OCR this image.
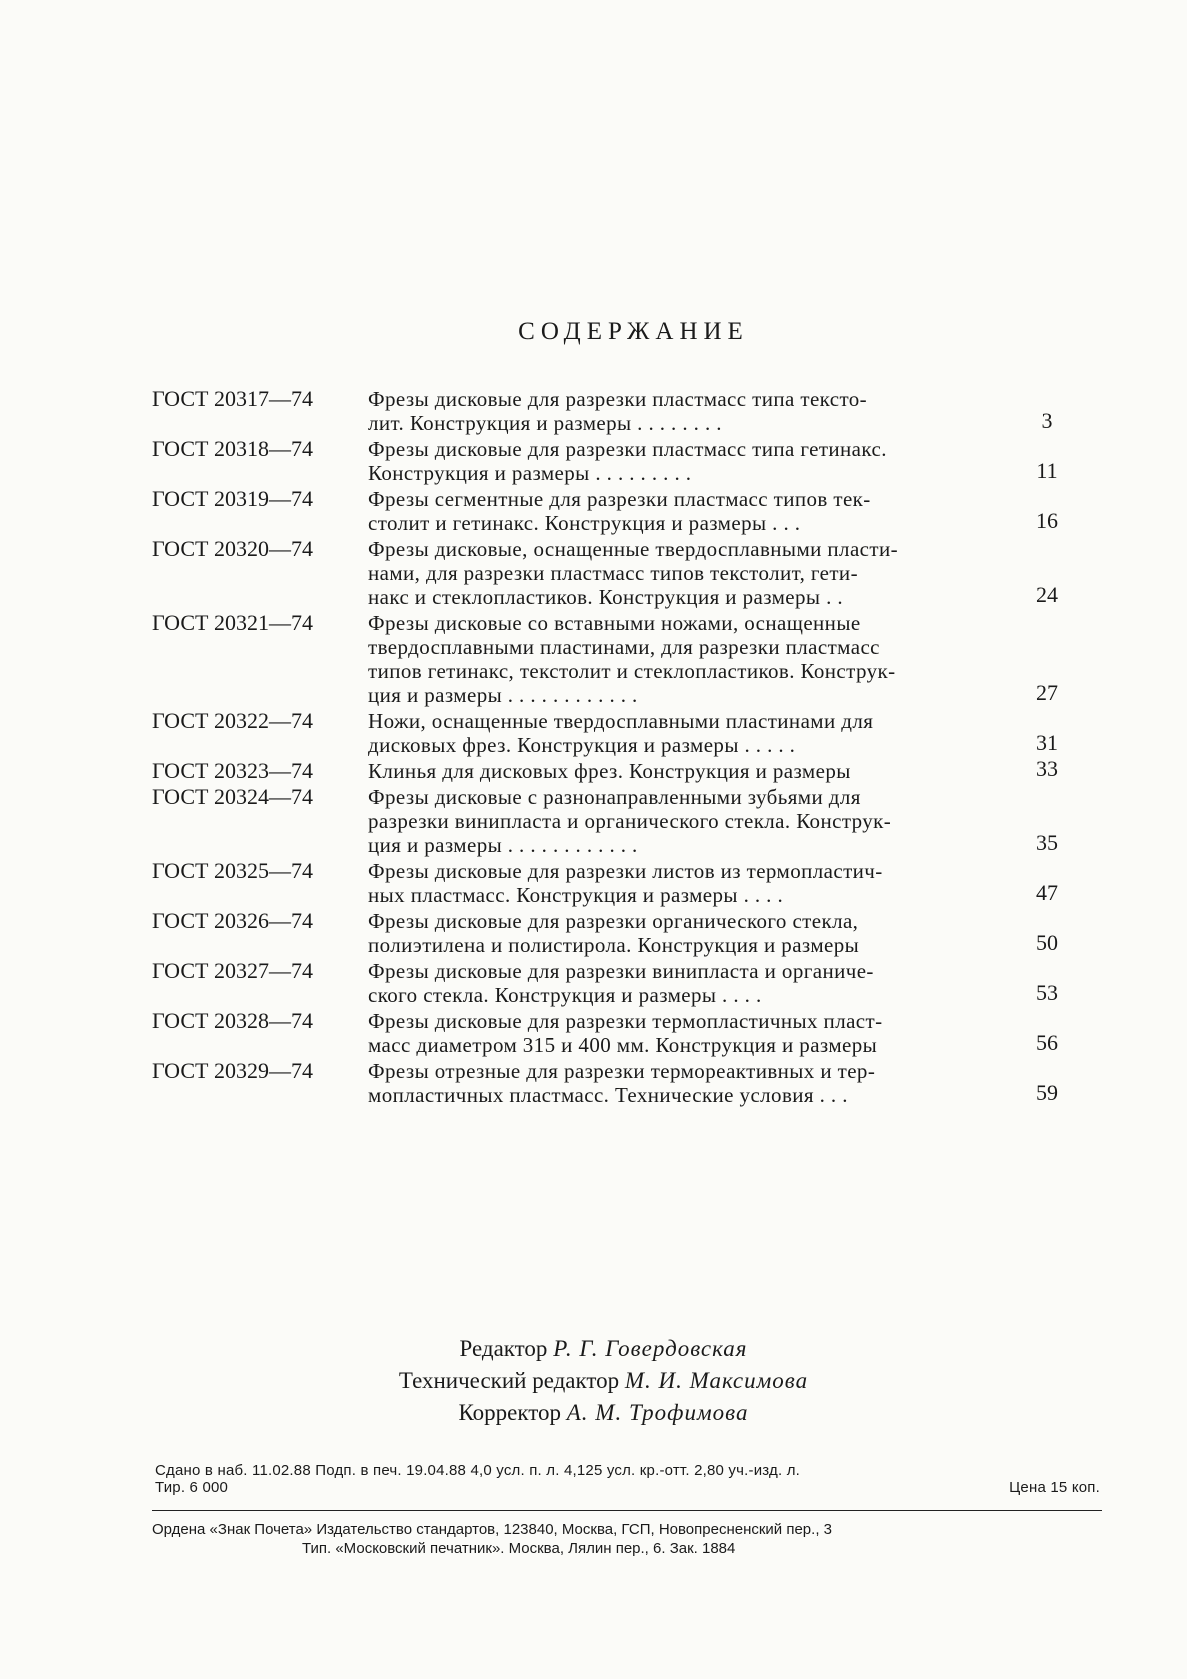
СОДЕРЖАНИЕ
ГОСТ 20317—74	Фрезы дисковые для разрезки пластмасс типа тексто-
лит. Конструкция и размеры . . . . . . . .	3
ГОСТ 20318—74	Фрезы дисковые для разрезки пластмасс типа гетинакс.
Конструкция и размеры . . . . . . . . .	11
ГОСТ 20319—74	Фрезы сегментные для разрезки пластмасс типов тек-
столит и гетинакс. Конструкция и размеры . . .	16
ГОСТ 20320—74	Фрезы дисковые, оснащенные твердосплавными пласти-
нами, для разрезки пластмасс типов текстолит, гети-
накс и стеклопластиков. Конструкция и размеры . .	24
ГОСТ 20321—74	Фрезы дисковые со вставными ножами, оснащенные
твердосплавными пластинами, для разрезки пластмасс
типов гетинакс, текстолит и стеклопластиков. Конструк-
ция и размеры . . . . . . . . . . . .	27
ГОСТ 20322—74	Ножи, оснащенные твердосплавными пластинами для
дисковых фрез. Конструкция и размеры . . . . .	31
ГОСТ 20323—74	Клинья для дисковых фрез. Конструкция и размеры	33
ГОСТ 20324—74	Фрезы дисковые с разнонаправленными зубьями для
разрезки винипласта и органического стекла. Конструк-
ция и размеры . . . . . . . . . . . .	35
ГОСТ 20325—74	Фрезы дисковые для разрезки листов из термопластич-
ных пластмасс. Конструкция и размеры . . . .	47
ГОСТ 20326—74	Фрезы дисковые для разрезки органического стекла,
полиэтилена и полистирола. Конструкция и размеры	50
ГОСТ 20327—74	Фрезы дисковые для разрезки винипласта и органиче-
ского стекла. Конструкция и размеры . . . .	53
ГОСТ 20328—74	Фрезы дисковые для разрезки термопластичных пласт-
масс диаметром 315 и 400 мм. Конструкция и размеры	56
ГОСТ 20329—74	Фрезы отрезные для разрезки термореактивных и тер-
мопластичных пластмасс. Технические условия . . .	59
Редактор Р. Г. Говердовская
Технический редактор М. И. Максимова
Корректор А. М. Трофимова
Сдано в наб. 11.02.88 Подп. в печ. 19.04.88 4,0 усл. п. л. 4,125 усл. кр.-отт. 2,80 уч.-изд. л.
Тир. 6 000	Цена 15 коп.
Ордена «Знак Почета» Издательство стандартов, 123840, Москва, ГСП, Новопресненский пер., 3
Тип. «Московский печатник». Москва, Лялин пер., 6. Зак. 1884
